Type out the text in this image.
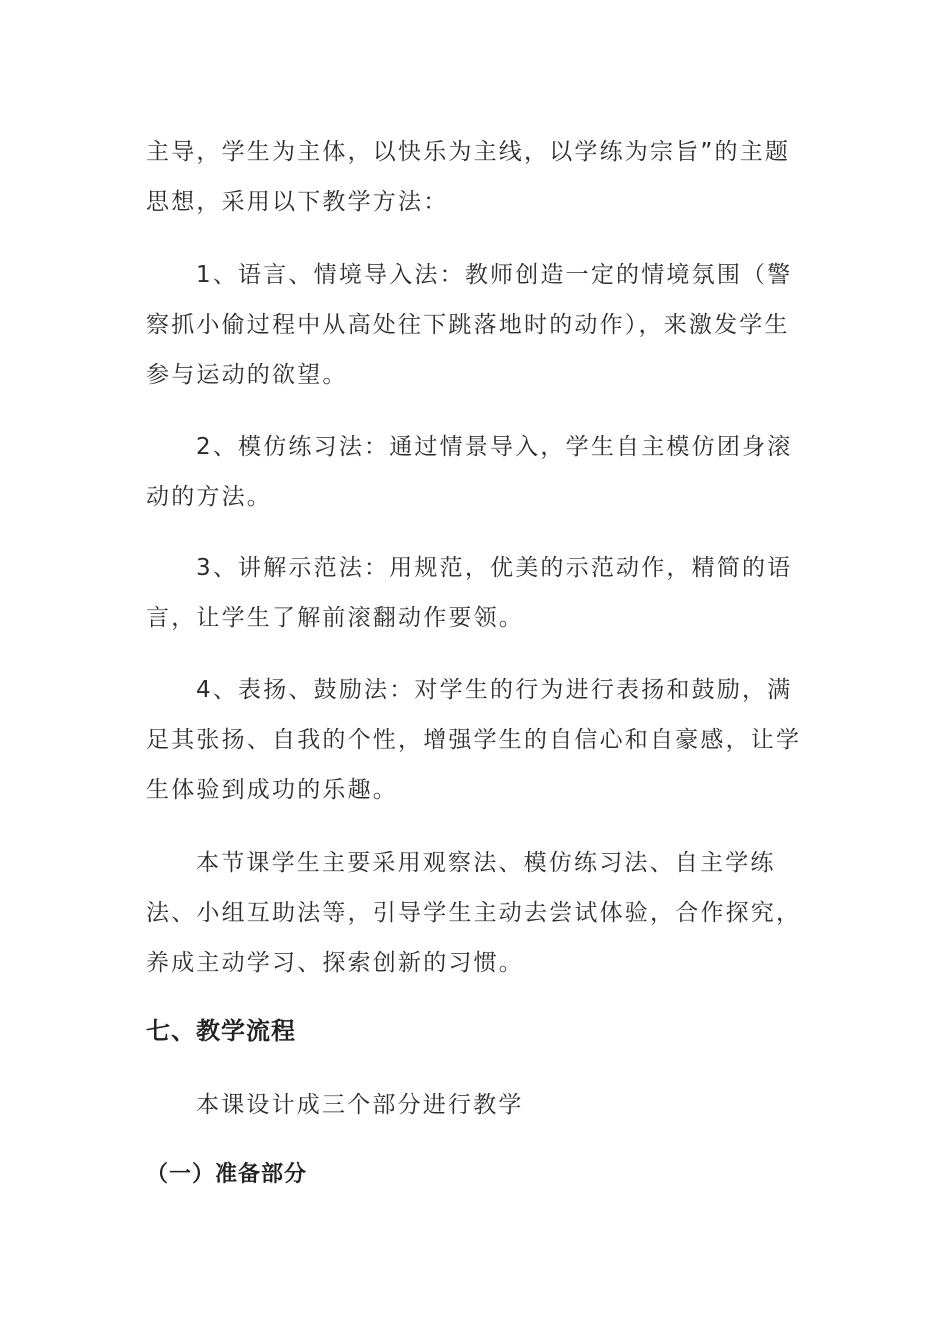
主导，学生为主体，以快乐为主线，以学练为宗旨”的主题思想，采用以下教学方法：

1、语言、情境导入法：教师创造一定的情境氛围（警察抓小偷过程中从高处往下跳落地时的动作），来激发学生参与运动的欲望。

2、模仿练习法：通过情景导入，学生自主模仿团身滚动的方法。

3、讲解示范法：用规范，优美的示范动作，精简的语言，让学生了解前滚翻动作要领。

4、表扬、鼓励法：对学生的行为进行表扬和鼓励，满足其张扬、自我的个性，增强学生的自信心和自豪感，让学生体验到成功的乐趣。

本节课学生主要采用观察法、模仿练习法、自主学练法、小组互助法等，引导学生主动去尝试体验，合作探究，养成主动学习、探索创新的习惯。

七、教学流程

本课设计成三个部分进行教学

（一）准备部分
